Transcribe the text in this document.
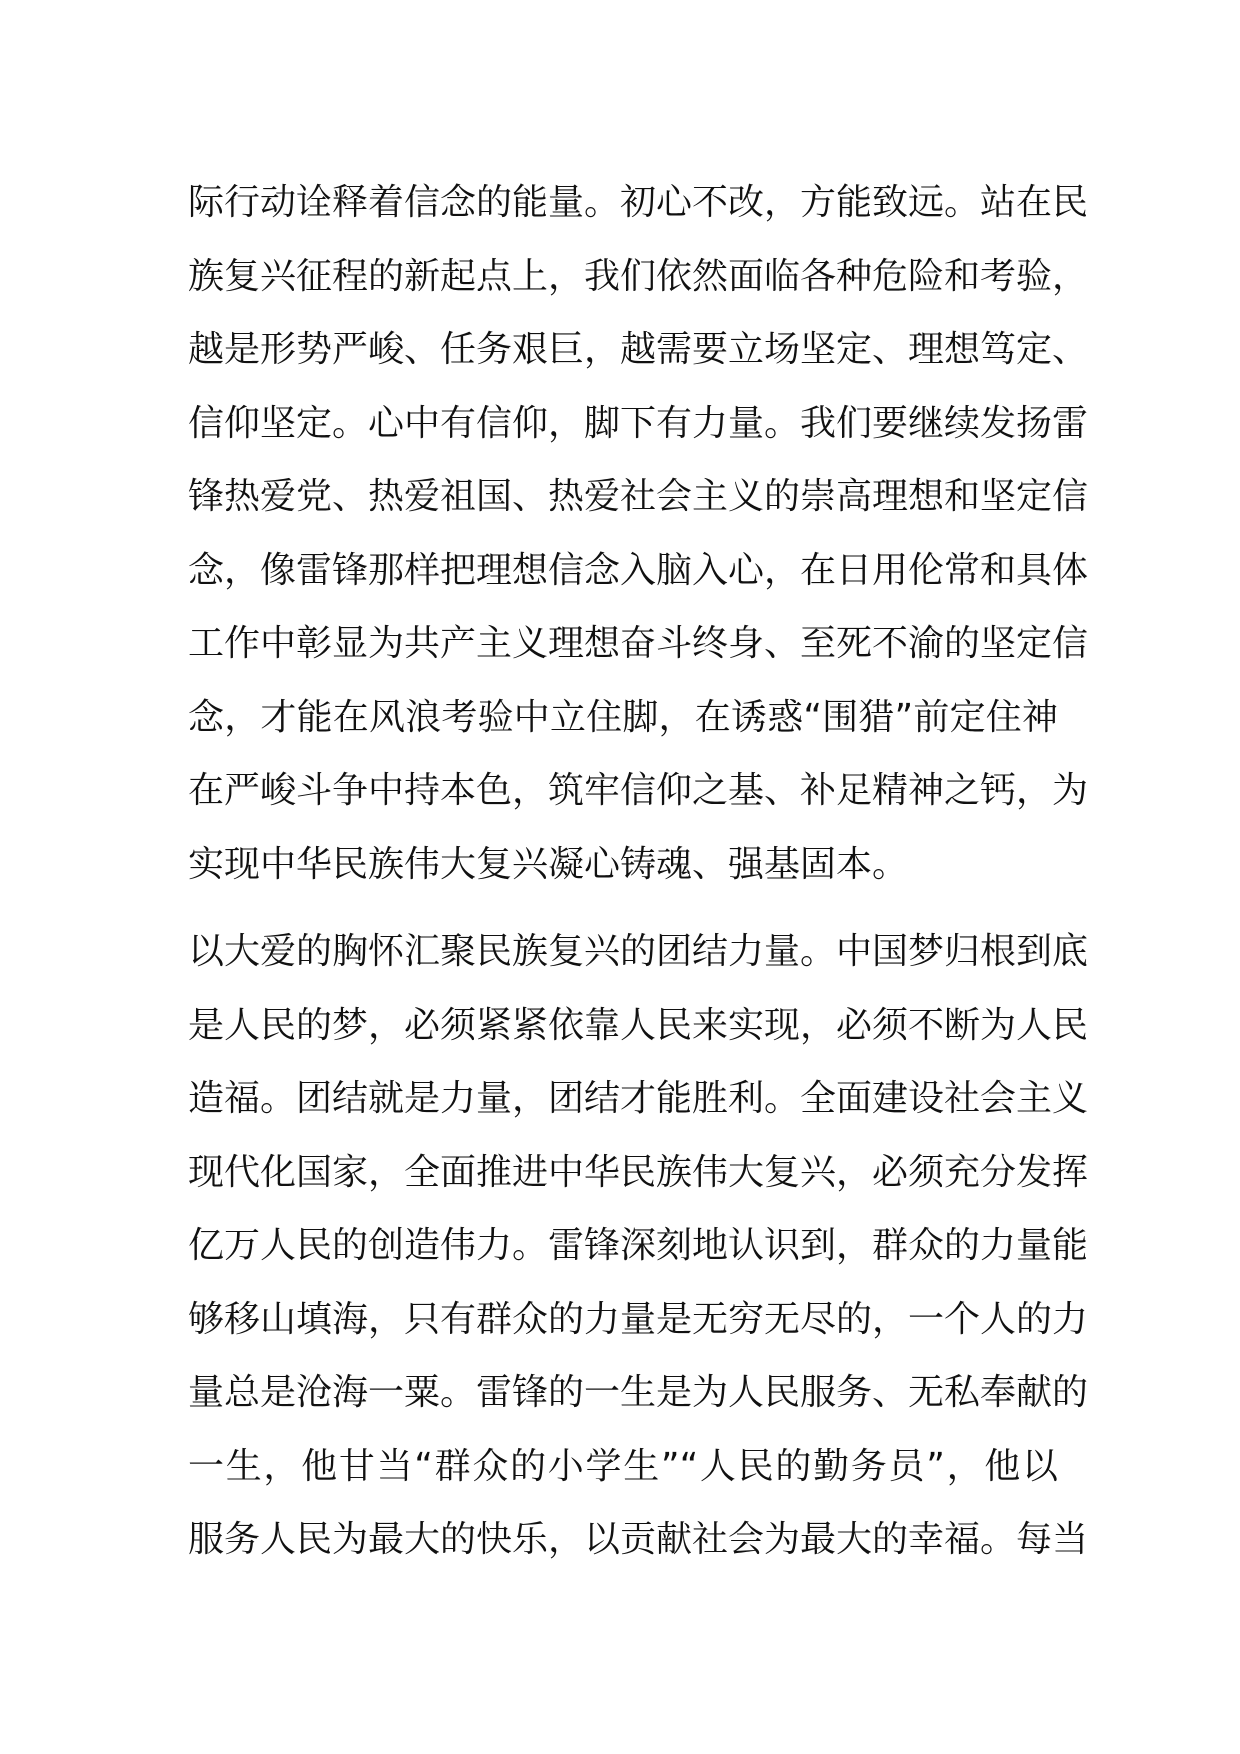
际行动诠释着信念的能量。初心不改，方能致远。站在民
族复兴征程的新起点上，我们依然面临各种危险和考验，
越是形势严峻、任务艰巨，越需要立场坚定、理想笃定、
信仰坚定。心中有信仰，脚下有力量。我们要继续发扬雷
锋热爱党、热爱祖国、热爱社会主义的崇高理想和坚定信
念，像雷锋那样把理想信念入脑入心，在日用伦常和具体
工作中彰显为共产主义理想奋斗终身、至死不渝的坚定信
念，才能在风浪考验中立住脚，在诱惑“围猎”前定住神
在严峻斗争中持本色，筑牢信仰之基、补足精神之钙，为
实现中华民族伟大复兴凝心铸魂、强基固本。

以大爱的胸怀汇聚民族复兴的团结力量。中国梦归根到底
是人民的梦，必须紧紧依靠人民来实现，必须不断为人民
造福。团结就是力量，团结才能胜利。全面建设社会主义
现代化国家，全面推进中华民族伟大复兴，必须充分发挥
亿万人民的创造伟力。雷锋深刻地认识到，群众的力量能
够移山填海，只有群众的力量是无穷无尽的，一个人的力
量总是沧海一粟。雷锋的一生是为人民服务、无私奉献的
一生，他甘当“群众的小学生”“人民的勤务员”，他以
服务人民为最大的快乐，以贡献社会为最大的幸福。每当
